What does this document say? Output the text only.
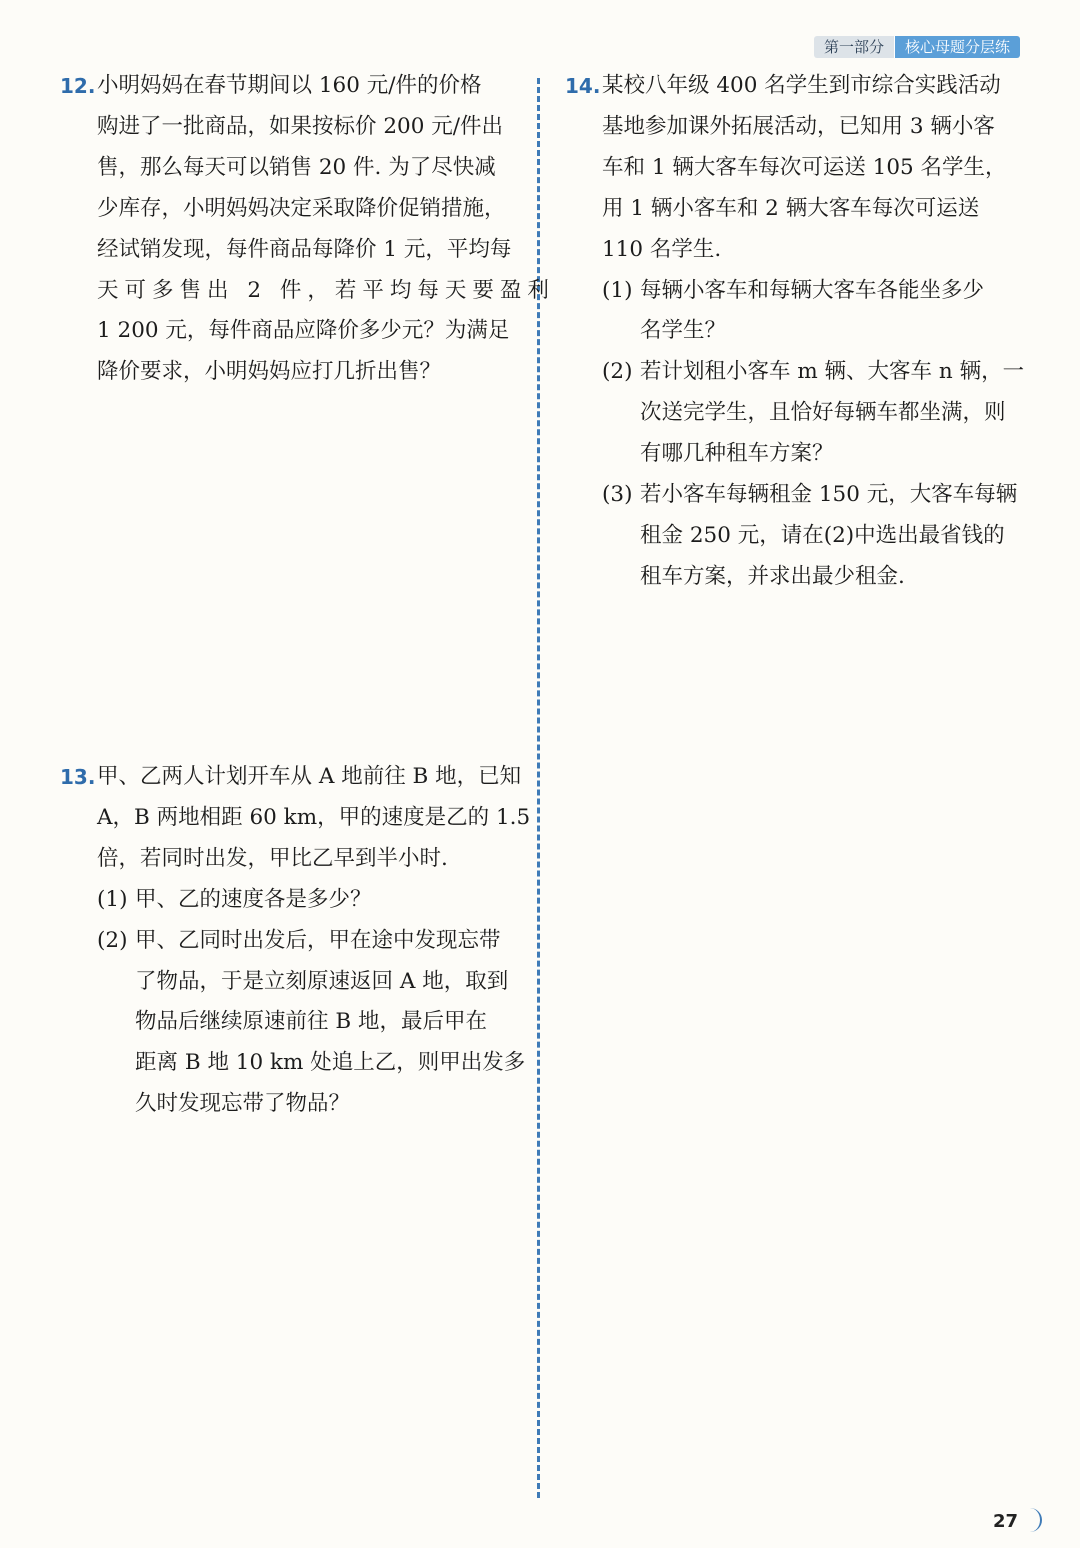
第一部分	核心母题分层练
12. 小明妈妈在春节期间以 160 元/件的价格
购进了一批商品，如果按标价 200 元/件出
售，那么每天可以销售 20 件. 为了尽快减
少库存，小明妈妈决定采取降价促销措施，
经试销发现，每件商品每降价 1 元，平均每
天可多售出 2 件，若平均每天要盈利
1 200 元，每件商品应降价多少元？为满足
降价要求，小明妈妈应打几折出售？
13. 甲、乙两人计划开车从 A 地前往 B 地，已知
A，B 两地相距 60 km，甲的速度是乙的 1.5
倍，若同时出发，甲比乙早到半小时.
(1) 甲、乙的速度各是多少？
(2) 甲、乙同时出发后，甲在途中发现忘带
了物品，于是立刻原速返回 A 地，取到
物品后继续原速前往 B 地，最后甲在
距离 B 地 10 km 处追上乙，则甲出发多
久时发现忘带了物品？
14. 某校八年级 400 名学生到市综合实践活动
基地参加课外拓展活动，已知用 3 辆小客
车和 1 辆大客车每次可运送 105 名学生，
用 1 辆小客车和 2 辆大客车每次可运送
110 名学生.
(1) 每辆小客车和每辆大客车各能坐多少
名学生？
(2) 若计划租小客车 m 辆、大客车 n 辆，一
次送完学生，且恰好每辆车都坐满，则
有哪几种租车方案？
(3) 若小客车每辆租金 150 元，大客车每辆
租金 250 元，请在(2)中选出最省钱的
租车方案，并求出最少租金.
27
